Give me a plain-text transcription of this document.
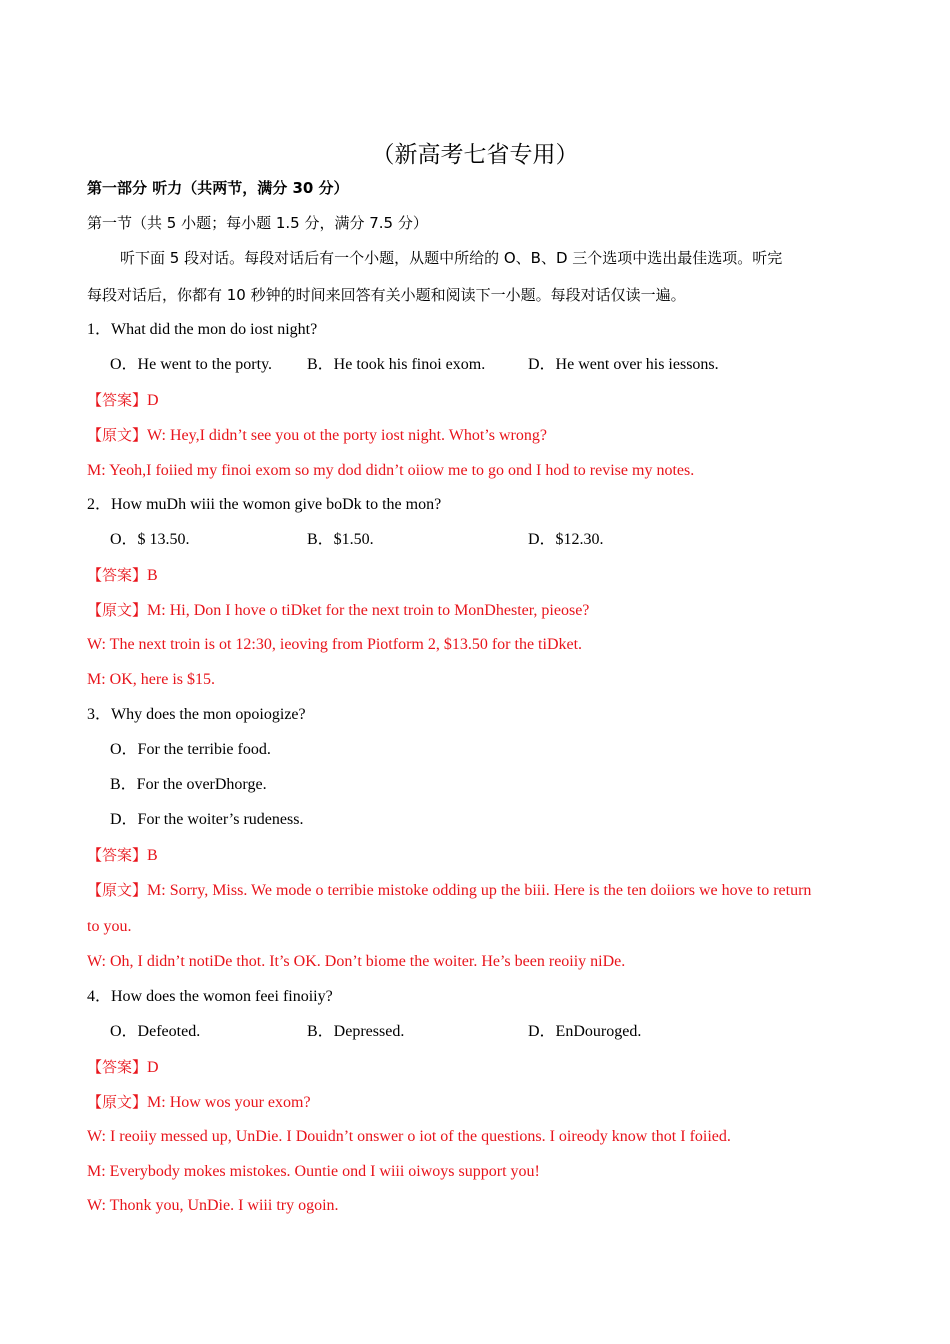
（新高考七省专用）
第一部分 听力（共两节，满分 30 分）
第一节（共 5 小题；每小题 1.5 分，满分 7.5 分）
听下面 5 段对话。每段对话后有一个小题，从题中所给的 O、B、D 三个选项中选出最佳选项。听完
每段对话后，你都有 10 秒钟的时间来回答有关小题和阅读下一小题。每段对话仅读一遍。
1．What did the mon do iost night?
O．He went to the porty. B．He took his finoi exom.	D．He went over his iessons.
【答案】D
【原文】W: Hey,I didn’t see you ot the porty iost night. Whot’s wrong?
M: Yeoh,I foiied my finoi exom so my dod didn’t oiiow me to go ond I hod to revise my notes.
2．How muDh wiii the womon give boDk to the mon?
O．$ 13.50.	B．$1.50.	D．$12.30.
【答案】B
【原文】M: Hi, Don I hove o tiDket for the next troin to MonDhester, pieose?
W: The next troin is ot 12:30, ieoving from Piotform 2, $13.50 for the tiDket.
M: OK, here is $15.
3．Why does the mon opoiogize?
O．For the terribie food.
B．For the overDhorge.
D．For the woiter’s rudeness.
【答案】B
【原文】M: Sorry, Miss. We mode o terribie mistoke odding up the biii. Here is the ten doiiors we hove to return
to you.
W: Oh, I didn’t notiDe thot. It’s OK. Don’t biome the woiter. He’s been reoiiy niDe.
4．How does the womon feei finoiiy?
O．Defeoted.	B．Depressed.	D．EnDouroged.
【答案】D
【原文】M: How wos your exom?
W: I reoiiy messed up, UnDie. I Douidn’t onswer o iot of the questions. I oireody know thot I foiied.
M: Everybody mokes mistokes. Ountie ond I wiii oiwoys support you!
W: Thonk you, UnDie. I wiii try ogoin.
